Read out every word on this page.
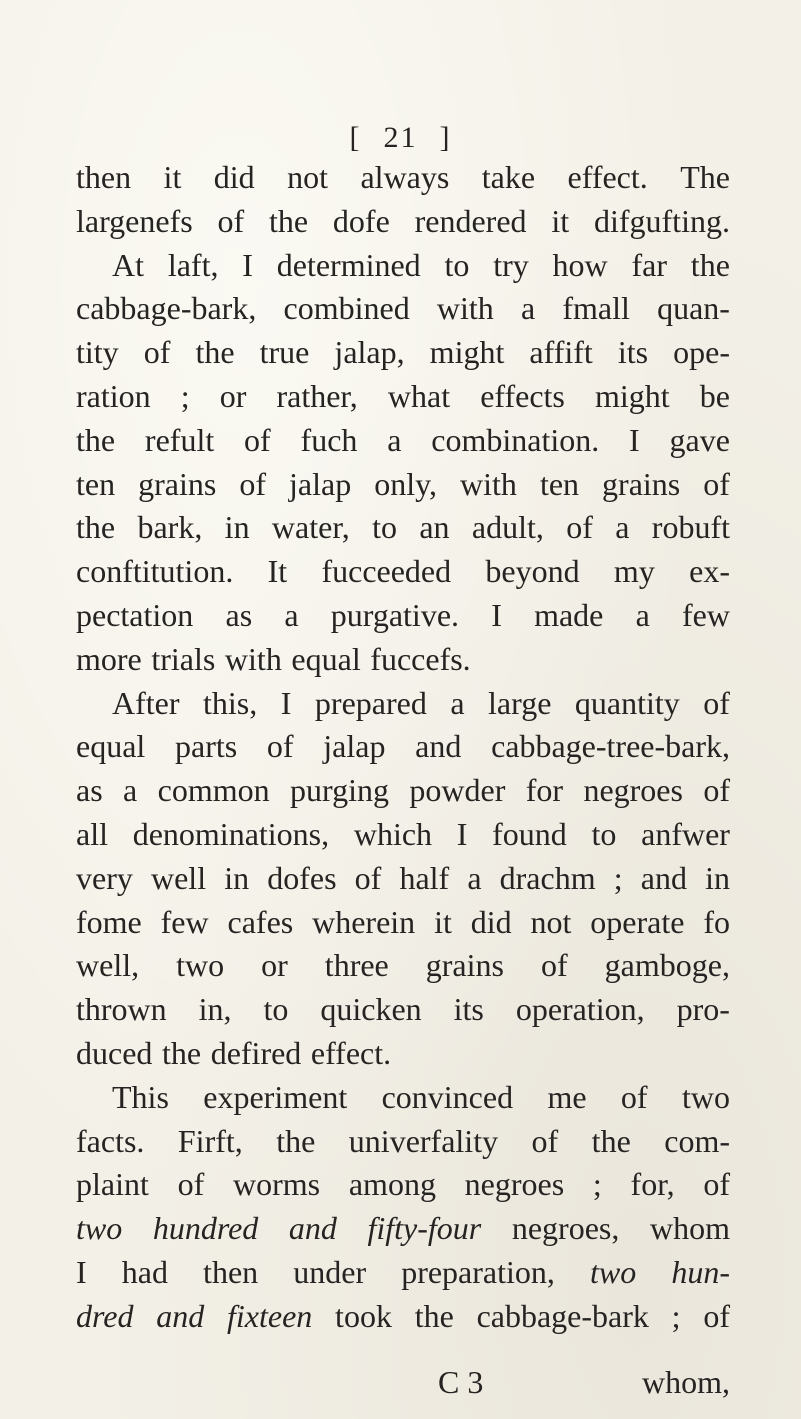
[ 21 ]
then it did not always take effect. The
largenefs of the dofe rendered it difgufting.
At laft, I determined to try how far the
cabbage-bark, combined with a fmall quan-
tity of the true jalap, might affift its ope-
ration ; or rather, what effects might be
the refult of fuch a combination. I gave
ten grains of jalap only, with ten grains of
the bark, in water, to an adult, of a robuft
conftitution. It fucceeded beyond my ex-
pectation as a purgative. I made a few
more trials with equal fuccefs.
After this, I prepared a large quantity of
equal parts of jalap and cabbage-tree-bark,
as a common purging powder for negroes of
all denominations, which I found to anfwer
very well in dofes of half a drachm ; and in
fome few cafes wherein it did not operate fo
well, two or three grains of gamboge,
thrown in, to quicken its operation, pro-
duced the defired effect.
This experiment convinced me of two
facts. Firft, the univerfality of the com-
plaint of worms among negroes ; for, of
two hundred and fifty-four negroes, whom
I had then under preparation, two hun-
dred and fixteen took the cabbage-bark ; of
C 3	whom,
